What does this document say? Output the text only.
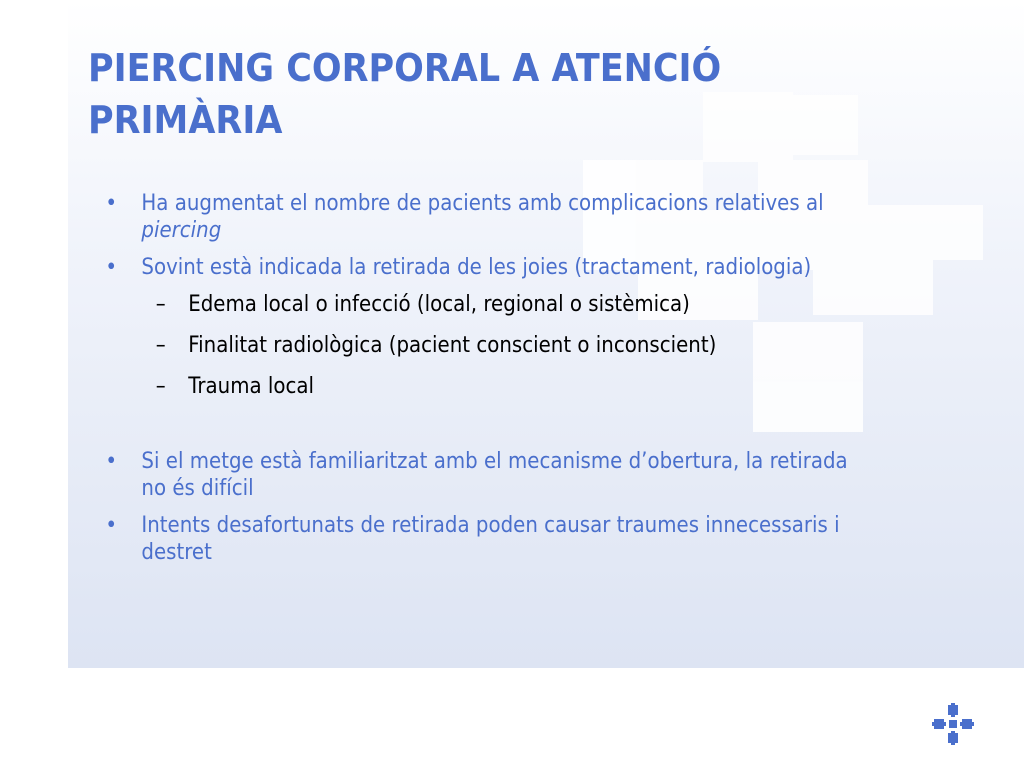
PIERCING CORPORAL A ATENCIÓ PRIMÀRIA
• Ha augmentat el nombre de pacients amb complicacions relatives al piercing
• Sovint està indicada la retirada de les joies (tractament, radiologia)
– Edema local o infecció (local, regional o sistèmica)
– Finalitat radiològica (pacient conscient o inconscient)
– Trauma local
• Si el metge està familiaritzat amb el mecanisme d’obertura, la retirada no és difícil
• Intents desafortunats de retirada poden causar traumes innecessaris i destret
